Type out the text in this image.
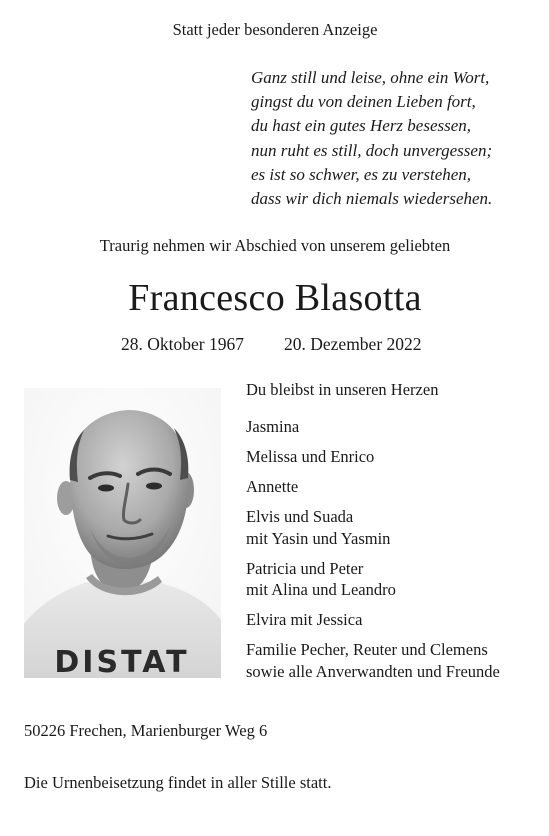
Statt jeder besonderen Anzeige
Ganz still und leise, ohne ein Wort,
gingst du von deinen Lieben fort,
du hast ein gutes Herz besessen,
nun ruht es still, doch unvergessen;
es ist so schwer, es zu verstehen,
dass wir dich niemals wiedersehen.
Traurig nehmen wir Abschied von unserem geliebten
Francesco Blasotta
28. Oktober 1967 20. Dezember 2022
DISTAT
Du bleibst in unseren Herzen
Jasmina
Melissa und Enrico
Annette
Elvis und Suada
mit Yasin und Yasmin
Patricia und Peter
mit Alina und Leandro
Elvira mit Jessica
Familie Pecher, Reuter und Clemens
sowie alle Anverwandten und Freunde
50226 Frechen, Marienburger Weg 6
Die Urnenbeisetzung findet in aller Stille statt.
